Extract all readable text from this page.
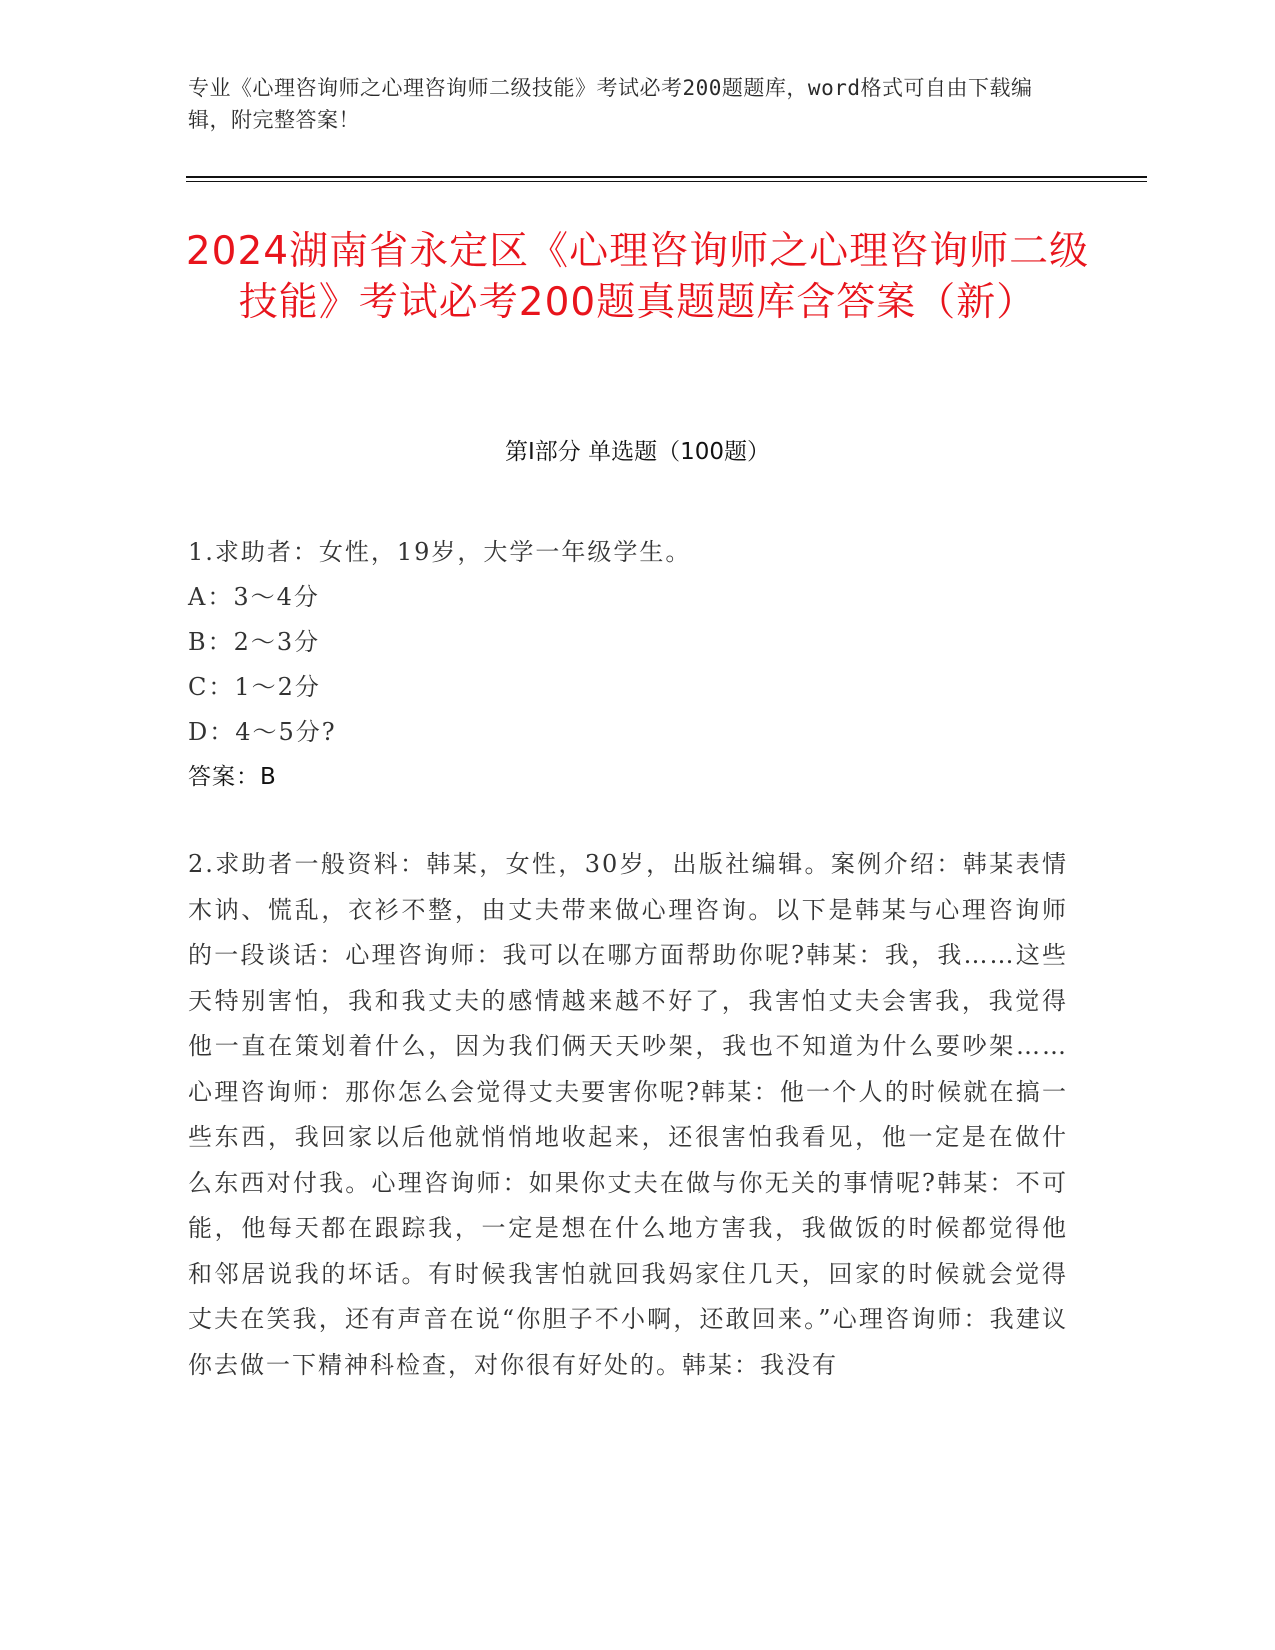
专业《心理咨询师之心理咨询师二级技能》考试必考200题题库，word格式可自由下载编辑，附完整答案！
2024湖南省永定区《心理咨询师之心理咨询师二级技能》考试必考200题真题题库含答案（新）
第I部分 单选题（100题）
1.求助者：女性，19岁，大学一年级学生。
A：3～4分
B：2～3分
C：1～2分
D：4～5分?
答案：B
2.求助者一般资料：韩某，女性，30岁，出版社编辑。案例介绍：韩某表情木讷、慌乱，衣衫不整，由丈夫带来做心理咨询。以下是韩某与心理咨询师的一段谈话：心理咨询师：我可以在哪方面帮助你呢?韩某：我，我……这些天特别害怕，我和我丈夫的感情越来越不好了，我害怕丈夫会害我，我觉得他一直在策划着什么，因为我们俩天天吵架，我也不知道为什么要吵架……心理咨询师：那你怎么会觉得丈夫要害你呢?韩某：他一个人的时候就在搞一些东西，我回家以后他就悄悄地收起来，还很害怕我看见，他一定是在做什么东西对付我。心理咨询师：如果你丈夫在做与你无关的事情呢?韩某：不可能，他每天都在跟踪我，一定是想在什么地方害我，我做饭的时候都觉得他和邻居说我的坏话。有时候我害怕就回我妈家住几天，回家的时候就会觉得丈夫在笑我，还有声音在说“你胆子不小啊，还敢回来。”心理咨询师：我建议你去做一下精神科检查，对你很有好处的。韩某：我没有
